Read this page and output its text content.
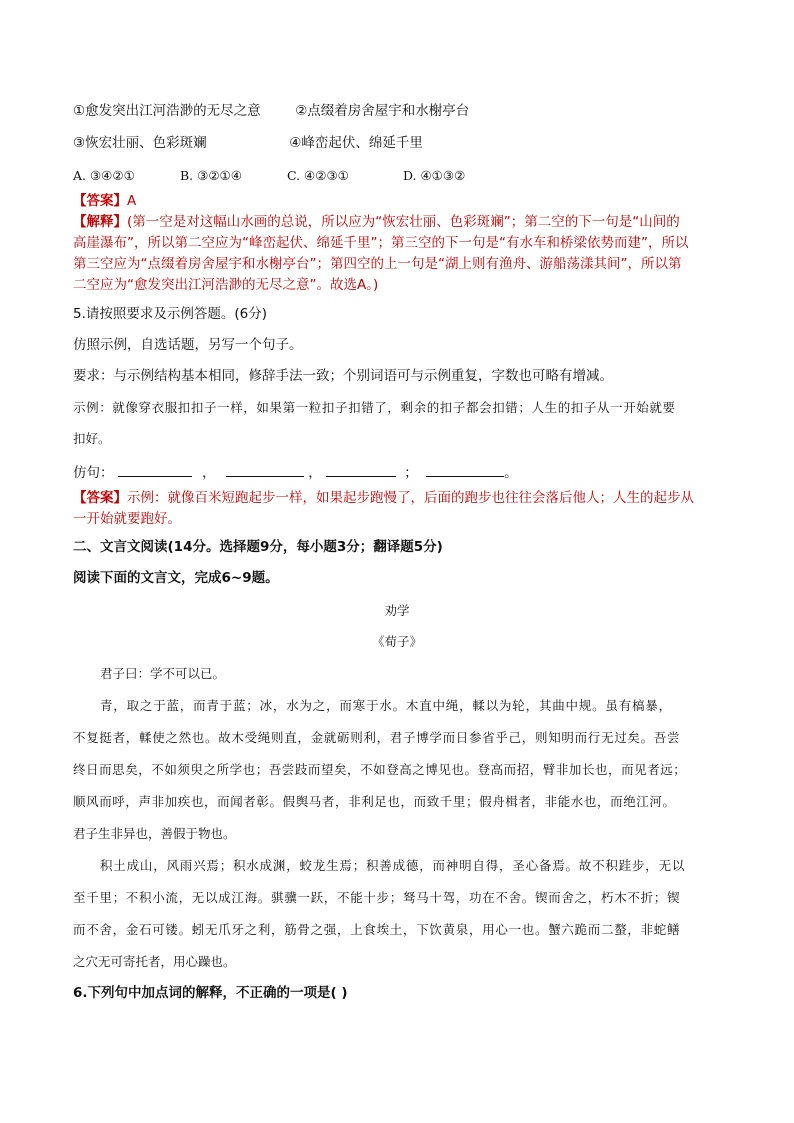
①愈发突出江河浩渺的无尽之意	②点缀着房舍屋宇和水榭亭台
③恢宏壮丽、色彩斑斓	④峰峦起伏、绵延千里
A. ③④②①	B. ③②①④	C. ④②③①	D. ④①③②
【答案】A
【解释】(第一空是对这幅山水画的总说，所以应为“恢宏壮丽、色彩斑斓”；第二空的下一句是“山间的
高崖瀑布”，所以第二空应为“峰峦起伏、绵延千里”；第三空的下一句是“有水车和桥梁依势而建”，所以
第三空应为“点缀着房舍屋宇和水榭亭台”；第四空的上一句是“湖上则有渔舟、游船荡漾其间”，所以第
二空应为“愈发突出江河浩渺的无尽之意”。故选A。)
5.请按照要求及示例答题。(6分)
仿照示例，自选话题，另写一个句子。
要求：与示例结构基本相同，修辞手法一致；个别词语可与示例重复，字数也可略有增减。
示例：就像穿衣服扣扣子一样，如果第一粒扣子扣错了，剩余的扣子都会扣错；人生的扣子从一开始就要
扣好。
仿句：	，	，	；	。
【答案】示例：就像百米短跑起步一样，如果起步跑慢了，后面的跑步也往往会落后他人；人生的起步从
一开始就要跑好。
二、文言文阅读(14分。选择题9分，每小题3分；翻译题5分)
阅读下面的文言文，完成6~9题。
劝学
《荀子》
君子曰：学不可以已。
青，取之于蓝，而青于蓝；冰，水为之，而寒于水。木直中绳，輮以为轮，其曲中规。虽有槁暴，
不复挺者，輮使之然也。故木受绳则直，金就砺则利，君子博学而日参省乎己，则知明而行无过矣。吾尝
终日而思矣，不如须臾之所学也；吾尝跂而望矣，不如登高之博见也。登高而招，臂非加长也，而见者远；
顺风而呼，声非加疾也，而闻者彰。假舆马者，非利足也，而致千里；假舟楫者，非能水也，而绝江河。
君子生非异也，善假于物也。
积土成山，风雨兴焉；积水成渊，蛟龙生焉；积善成德，而神明自得，圣心备焉。故不积跬步，无以
至千里；不积小流，无以成江海。骐骥一跃，不能十步；驽马十驾，功在不舍。锲而舍之，朽木不折；锲
而不舍，金石可镂。蚓无爪牙之利，筋骨之强，上食埃土，下饮黄泉，用心一也。蟹六跪而二螯，非蛇鳝
之穴无可寄托者，用心躁也。
6.下列句中加点词的解释，不正确的一项是( )
